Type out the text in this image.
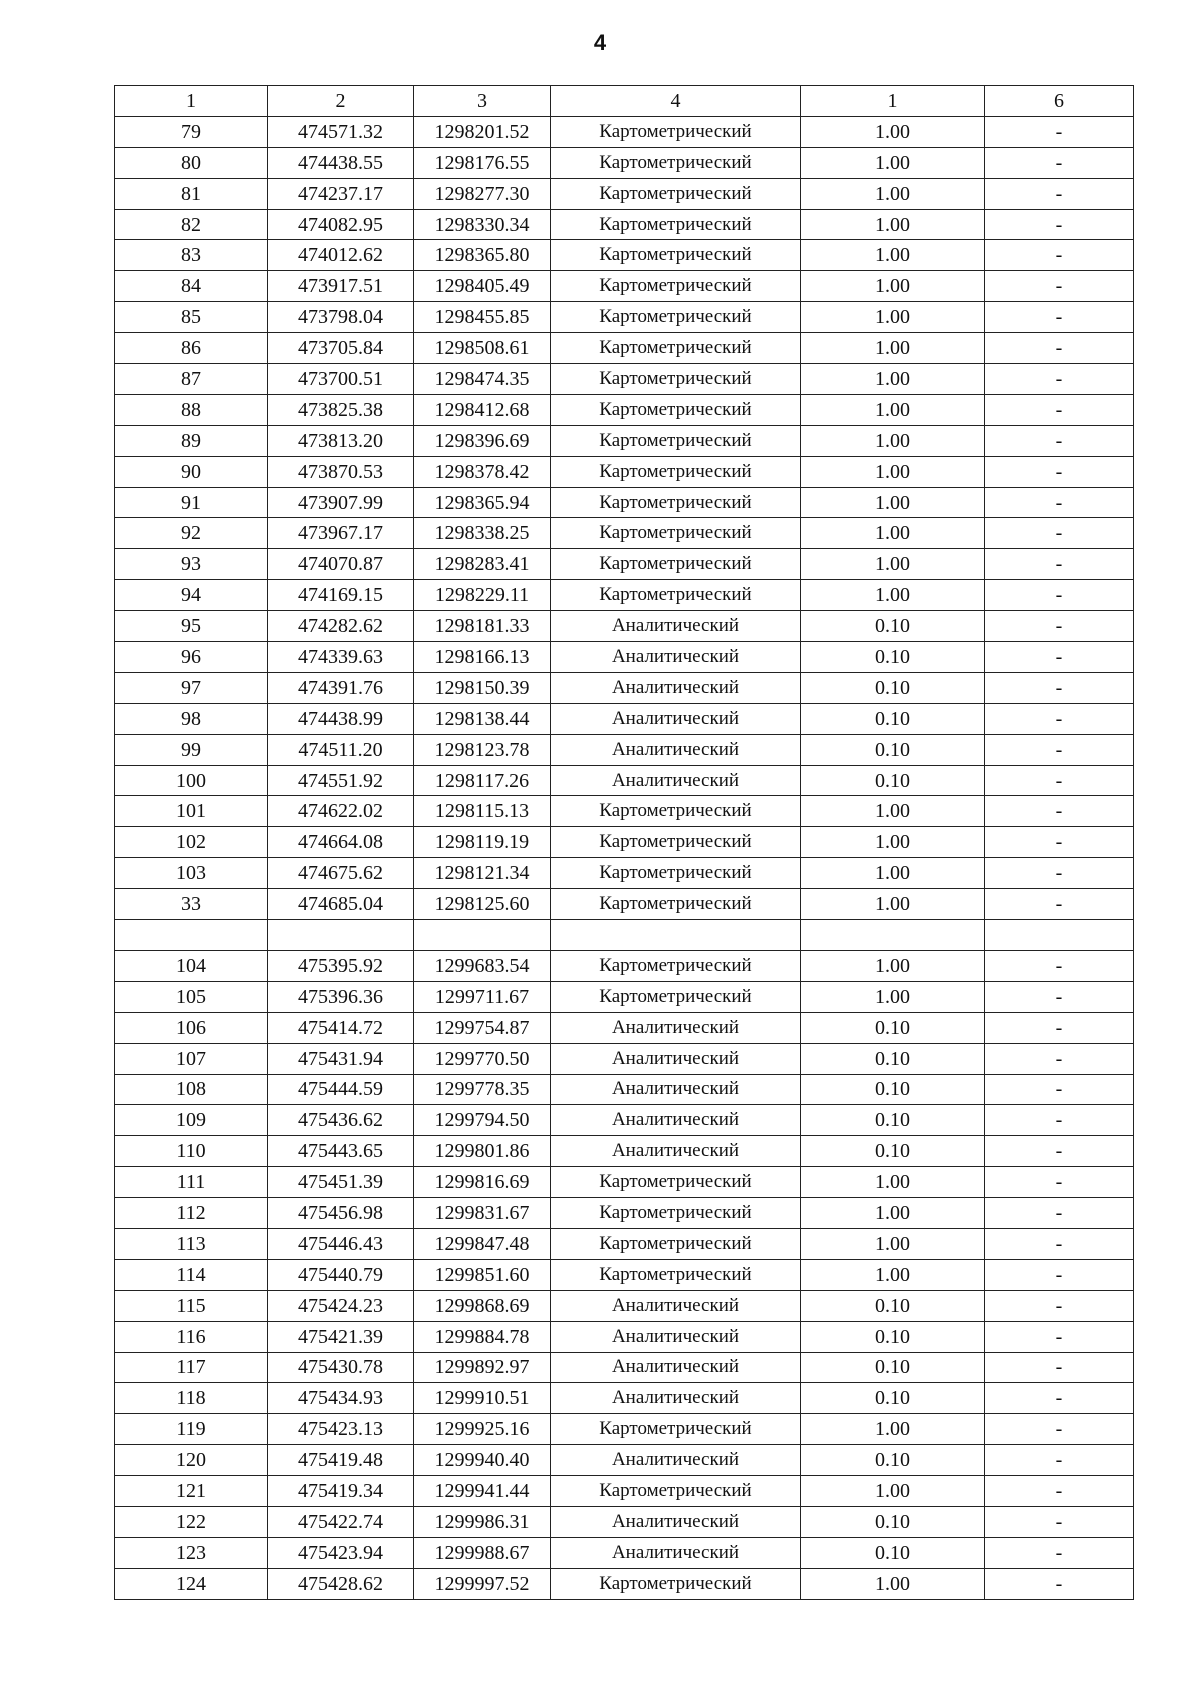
4
1	2	3	4	1	6
79	474571.32	1298201.52	Картометрический	1.00	-
80	474438.55	1298176.55	Картометрический	1.00	-
81	474237.17	1298277.30	Картометрический	1.00	-
82	474082.95	1298330.34	Картометрический	1.00	-
83	474012.62	1298365.80	Картометрический	1.00	-
84	473917.51	1298405.49	Картометрический	1.00	-
85	473798.04	1298455.85	Картометрический	1.00	-
86	473705.84	1298508.61	Картометрический	1.00	-
87	473700.51	1298474.35	Картометрический	1.00	-
88	473825.38	1298412.68	Картометрический	1.00	-
89	473813.20	1298396.69	Картометрический	1.00	-
90	473870.53	1298378.42	Картометрический	1.00	-
91	473907.99	1298365.94	Картометрический	1.00	-
92	473967.17	1298338.25	Картометрический	1.00	-
93	474070.87	1298283.41	Картометрический	1.00	-
94	474169.15	1298229.11	Картометрический	1.00	-
95	474282.62	1298181.33	Аналитический	0.10	-
96	474339.63	1298166.13	Аналитический	0.10	-
97	474391.76	1298150.39	Аналитический	0.10	-
98	474438.99	1298138.44	Аналитический	0.10	-
99	474511.20	1298123.78	Аналитический	0.10	-
100	474551.92	1298117.26	Аналитический	0.10	-
101	474622.02	1298115.13	Картометрический	1.00	-
102	474664.08	1298119.19	Картометрический	1.00	-
103	474675.62	1298121.34	Картометрический	1.00	-
33	474685.04	1298125.60	Картометрический	1.00	-

104	475395.92	1299683.54	Картометрический	1.00	-
105	475396.36	1299711.67	Картометрический	1.00	-
106	475414.72	1299754.87	Аналитический	0.10	-
107	475431.94	1299770.50	Аналитический	0.10	-
108	475444.59	1299778.35	Аналитический	0.10	-
109	475436.62	1299794.50	Аналитический	0.10	-
110	475443.65	1299801.86	Аналитический	0.10	-
111	475451.39	1299816.69	Картометрический	1.00	-
112	475456.98	1299831.67	Картометрический	1.00	-
113	475446.43	1299847.48	Картометрический	1.00	-
114	475440.79	1299851.60	Картометрический	1.00	-
115	475424.23	1299868.69	Аналитический	0.10	-
116	475421.39	1299884.78	Аналитический	0.10	-
117	475430.78	1299892.97	Аналитический	0.10	-
118	475434.93	1299910.51	Аналитический	0.10	-
119	475423.13	1299925.16	Картометрический	1.00	-
120	475419.48	1299940.40	Аналитический	0.10	-
121	475419.34	1299941.44	Картометрический	1.00	-
122	475422.74	1299986.31	Аналитический	0.10	-
123	475423.94	1299988.67	Аналитический	0.10	-
124	475428.62	1299997.52	Картометрический	1.00	-
